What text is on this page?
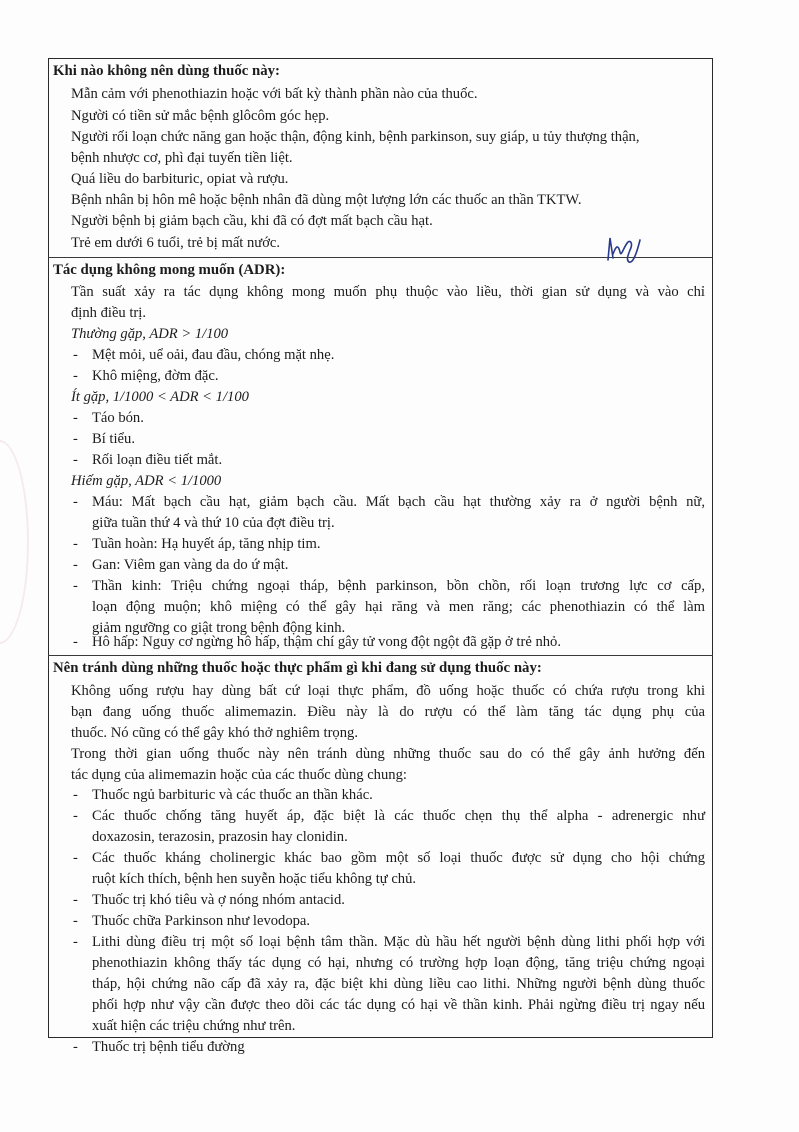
Khi nào không nên dùng thuốc này:
Mẫn cảm với phenothiazin hoặc với bất kỳ thành phần nào của thuốc.
Người có tiền sử mắc bệnh glôcôm góc hẹp.
Người rối loạn chức năng gan hoặc thận, động kinh, bệnh parkinson, suy giáp, u tủy thượng thận,
bệnh nhược cơ, phì đại tuyến tiền liệt.
Quá liều do barbituric, opiat và rượu.
Bệnh nhân bị hôn mê hoặc bệnh nhân đã dùng một lượng lớn các thuốc an thần TKTW.
Người bệnh bị giảm bạch cầu, khi đã có đợt mất bạch cầu hạt.
Trẻ em dưới 6 tuổi, trẻ bị mất nước.
Tác dụng không mong muốn (ADR):
Tần suất xảy ra tác dụng không mong muốn phụ thuộc vào liều, thời gian sử dụng và vào chỉ
định điều trị.
Thường gặp, ADR > 1/100
- Mệt mỏi, uể oải, đau đầu, chóng mặt nhẹ.
- Khô miệng, đờm đặc.
Ít gặp, 1/1000 < ADR < 1/100
- Táo bón.
- Bí tiểu.
- Rối loạn điều tiết mắt.
Hiếm gặp, ADR < 1/1000
- Máu: Mất bạch cầu hạt, giảm bạch cầu. Mất bạch cầu hạt thường xảy ra ở người bệnh nữ,
giữa tuần thứ 4 và thứ 10 của đợt điều trị.
- Tuần hoàn: Hạ huyết áp, tăng nhịp tim.
- Gan: Viêm gan vàng da do ứ mật.
- Thần kinh: Triệu chứng ngoại tháp, bệnh parkinson, bồn chồn, rối loạn trương lực cơ cấp,
loạn động muộn; khô miệng có thể gây hại răng và men răng; các phenothiazin có thể làm
giảm ngưỡng co giật trong bệnh động kinh.
- Hô hấp: Nguy cơ ngừng hô hấp, thậm chí gây tử vong đột ngột đã gặp ở trẻ nhỏ.
Nên tránh dùng những thuốc hoặc thực phẩm gì khi đang sử dụng thuốc này:
Không uống rượu hay dùng bất cứ loại thực phẩm, đồ uống hoặc thuốc có chứa rượu trong khi
bạn đang uống thuốc alimemazin. Điều này là do rượu có thể làm tăng tác dụng phụ của
thuốc. Nó cũng có thể gây khó thở nghiêm trọng.
Trong thời gian uống thuốc này nên tránh dùng những thuốc sau do có thể gây ảnh hưởng đến
tác dụng của alimemazin hoặc của các thuốc dùng chung:
- Thuốc ngủ barbituric và các thuốc an thần khác.
- Các thuốc chống tăng huyết áp, đặc biệt là các thuốc chẹn thụ thể alpha - adrenergic như
doxazosin, terazosin, prazosin hay clonidin.
- Các thuốc kháng cholinergic khác bao gồm một số loại thuốc được sử dụng cho hội chứng
ruột kích thích, bệnh hen suyễn hoặc tiểu không tự chủ.
- Thuốc trị khó tiêu và ợ nóng nhóm antacid.
- Thuốc chữa Parkinson như levodopa.
- Lithi dùng điều trị một số loại bệnh tâm thần. Mặc dù hầu hết người bệnh dùng lithi phối hợp với
phenothiazin không thấy tác dụng có hại, nhưng có trường hợp loạn động, tăng triệu chứng ngoại
tháp, hội chứng não cấp đã xảy ra, đặc biệt khi dùng liều cao lithi. Những người bệnh dùng thuốc
phối hợp như vậy cần được theo dõi các tác dụng có hại về thần kinh. Phải ngừng điều trị ngay nếu
xuất hiện các triệu chứng như trên.
- Thuốc trị bệnh tiểu đường
